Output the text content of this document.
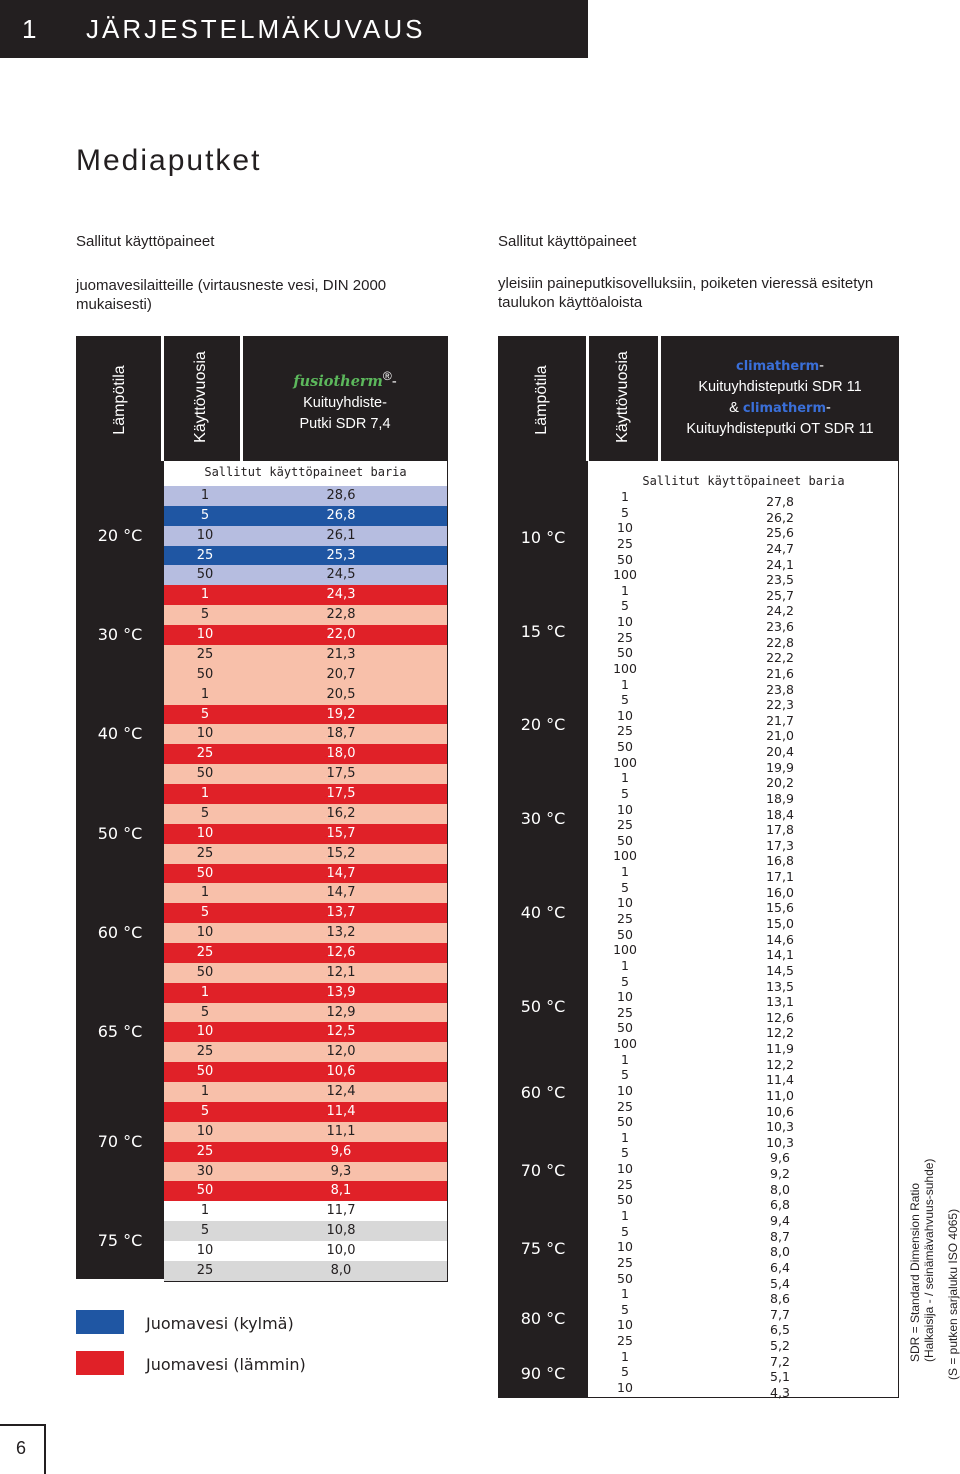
1 JÄRJESTELMÄKUVAUS
Mediaputket
Sallitut käyttöpaineet
juomavesilaitteille (virtausneste vesi, DIN 2000 mukaisesti)
Sallitut käyttöpaineet
yleisiin paineputkisovelluksiin, poiketen vieressä esitetyn taulukon käyttöaloista
Lämpötila	Käyttövuosia	fusiotherm®-
Kuituyhdiste-
Putki SDR 7,4
Sallitut käyttöpaineet baria
1	28,6
5	26,8
10	26,1
25	25,3
50	24,5
20 °C
1	24,3
5	22,8
10	22,0
25	21,3
50	20,7
30 °C
1	20,5
5	19,2
10	18,7
25	18,0
50	17,5
40 °C
1	17,5
5	16,2
10	15,7
25	15,2
50	14,7
50 °C
1	14,7
5	13,7
10	13,2
25	12,6
50	12,1
60 °C
1	13,9
5	12,9
10	12,5
25	12,0
50	10,6
65 °C
1	12,4
5	11,4
10	11,1
25	9,6
30	9,3
50	8,1
70 °C
1	11,7
5	10,8
10	10,0
25	8,0
75 °C
Juomavesi (kylmä)
Juomavesi (lämmin)
Lämpötila	Käyttövuosia	climatherm-
Kuituyhdisteputki SDR 11
& climatherm-
Kuituyhdisteputki OT SDR 11
Sallitut käyttöpaineet baria
1	27,8
5	26,2
10	25,6
25	24,7
50	24,1
100	23,5
10 °C
1	25,7
5	24,2
10	23,6
25	22,8
50	22,2
100	21,6
15 °C
1	23,8
5	22,3
10	21,7
25	21,0
50	20,4
100	19,9
20 °C
1	20,2
5	18,9
10	18,4
25	17,8
50	17,3
100	16,8
30 °C
1	17,1
5	16,0
10	15,6
25	15,0
50	14,6
100	14,1
40 °C
1	14,5
5	13,5
10	13,1
25	12,6
50	12,2
100	11,9
50 °C
1	12,2
5	11,4
10	11,0
25	10,6
50	10,3
60 °C
1	10,3
5	9,6
10	9,2
25	8,0
50	6,8
70 °C
1	9,4
5	8,7
10	8,0
25	6,4
50	5,4
75 °C
1	8,6
5	7,7
10	6,5
25	5,2
80 °C
1	7,2
5	5,1
10	4,3
90 °C
SDR = Standard Dimension Ratio (Halkaisija - / seinämävahvuus-suhde) (S = putken sarjaluku ISO 4065)
6
